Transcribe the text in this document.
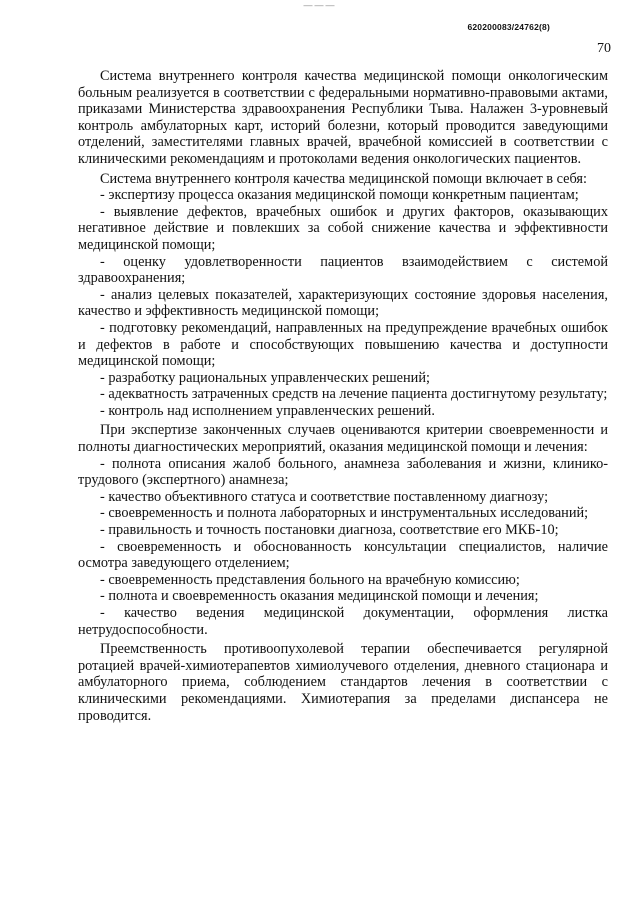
———
620200083/24762(8)
70

Система внутреннего контроля качества медицинской помощи онкологическим больным реализуется в соответствии с федеральными нормативно-правовыми актами, приказами Министерства здравоохранения Республики Тыва. Налажен 3-уровневый контроль амбулаторных карт, историй болезни, который проводится заведующими отделений, заместителями главных врачей, врачебной комиссией в соответствии с клиническими рекомендациям и протоколами ведения онкологических пациентов.

Система внутреннего контроля качества медицинской помощи включает в себя:

- экспертизу процесса оказания медицинской помощи конкретным пациентам;

- выявление дефектов, врачебных ошибок и других факторов, оказывающих негативное действие и повлекших за собой снижение качества и эффективности медицинской помощи;

- оценку удовлетворенности пациентов взаимодействием с системой здравоохранения;

- анализ целевых показателей, характеризующих состояние здоровья населения, качество и эффективность медицинской помощи;

- подготовку рекомендаций, направленных на предупреждение врачебных ошибок и дефектов в работе и способствующих повышению качества и доступности медицинской помощи;

- разработку рациональных управленческих решений;

- адекватность затраченных средств на лечение пациента достигнутому результату;

- контроль над исполнением управленческих решений.

При экспертизе законченных случаев оцениваются критерии своевременности и полноты диагностических мероприятий, оказания медицинской помощи и лечения:

- полнота описания жалоб больного, анамнеза заболевания и жизни, клинико-трудового (экспертного) анамнеза;

- качество объективного статуса и соответствие поставленному диагнозу;

- своевременность и полнота лабораторных и инструментальных исследований;

- правильность и точность постановки диагноза, соответствие его МКБ-10;

- своевременность и обоснованность консультации специалистов, наличие осмотра заведующего отделением;

- своевременность представления больного на врачебную комиссию;

- полнота и своевременность оказания медицинской помощи и лечения;

- качество ведения медицинской документации, оформления листка нетрудоспособности.

Преемственность противоопухолевой терапии обеспечивается регулярной ротацией врачей-химиотерапевтов химиолучевого отделения, дневного стационара и амбулаторного приема, соблюдением стандартов лечения в соответствии с клиническими рекомендациями. Химиотерапия за пределами диспансера не проводится.
